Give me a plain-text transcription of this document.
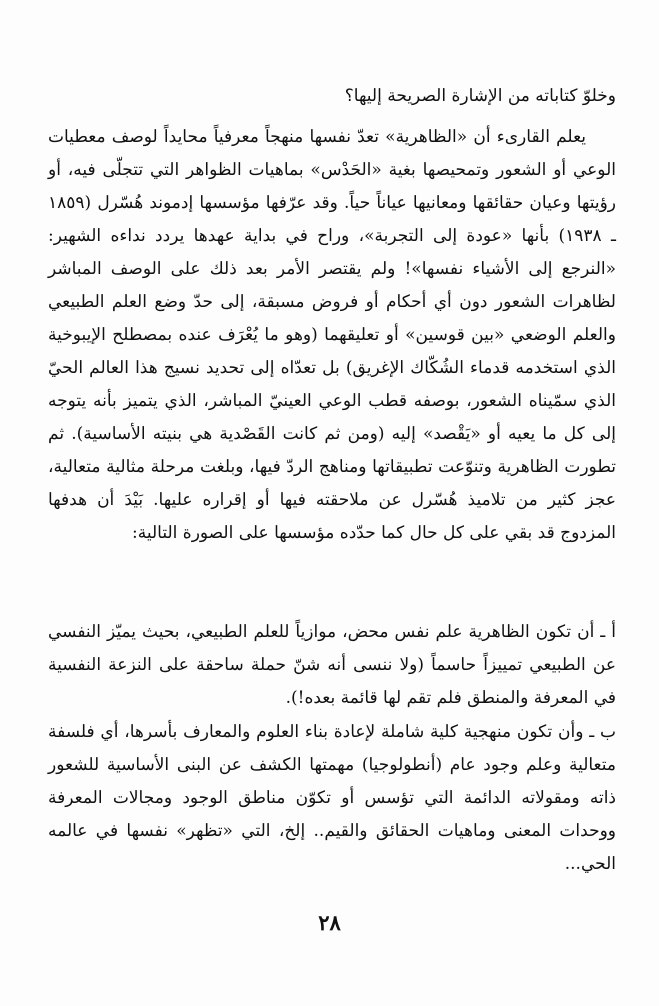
وخلوّ كتاباته من الإشارة الصريحة إليها؟

يعلم القارىء أن «الظاهرية» تعدّ نفسها منهجاً معرفياً محايداً لوصف معطيات الوعي أو الشعور وتمحيصها بغية «الحَدْس» بماهيات الظواهر التي تتجلّى فيه، أو رؤيتها وعيان حقائقها ومعانيها عياناً حياً. وقد عرّفها مؤسسها إدموند هُسّرل (١٨٥٩ ـ ١٩٣٨) بأنها «عودة إلى التجربة»، وراح في بداية عهدها يردد نداءه الشهير: «النرجع إلى الأشياء نفسها»! ولم يقتصر الأمر بعد ذلك على الوصف المباشر لظاهرات الشعور دون أي أحكام أو فروض مسبقة، إلى حدّ وضع العلم الطبيعي والعلم الوضعي «بين قوسين» أو تعليقهما (وهو ما يُعْرَف عنده بمصطلح الإيبوخية الذي استخدمه قدماء الشُكّاك الإغريق) بل تعدّاه إلى تحديد نسيج هذا العالم الحيّ الذي سمّيناه الشعور، بوصفه قطب الوعي العينيّ المباشر، الذي يتميز بأنه يتوجه إلى كل ما يعيه أو «يَقْصد» إليه (ومن ثم كانت القَصْدية هي بنيته الأساسية). ثم تطورت الظاهرية وتنوّعت تطبيقاتها ومناهج الردّ فيها، وبلغت مرحلة مثالية متعالية، عجز كثير من تلاميذ هُسّرل عن ملاحقته فيها أو إقراره عليها. بَيْدَ أن هدفها المزدوج قد بقي على كل حال كما حدّده مؤسسها على الصورة التالية:

أ ـ أن تكون الظاهرية علم نفس محض، موازياً للعلم الطبيعي، بحيث يميّز النفسي عن الطبيعي تمييزاً حاسماً (ولا ننسى أنه شنّ حملة ساحقة على النزعة النفسية في المعرفة والمنطق فلم تقم لها قائمة بعده!).

ب ـ وأن تكون منهجية كلية شاملة لإعادة بناء العلوم والمعارف بأسرها، أي فلسفة متعالية وعلم وجود عام (أنطولوجيا) مهمتها الكشف عن البنى الأساسية للشعور ذاته ومقولاته الدائمة التي تؤسس أو تكوّن مناطق الوجود ومجالات المعرفة ووحدات المعنى وماهيات الحقائق والقيم.. إلخ، التي «تظهر» نفسها في عالمه الحي...

٢٨
